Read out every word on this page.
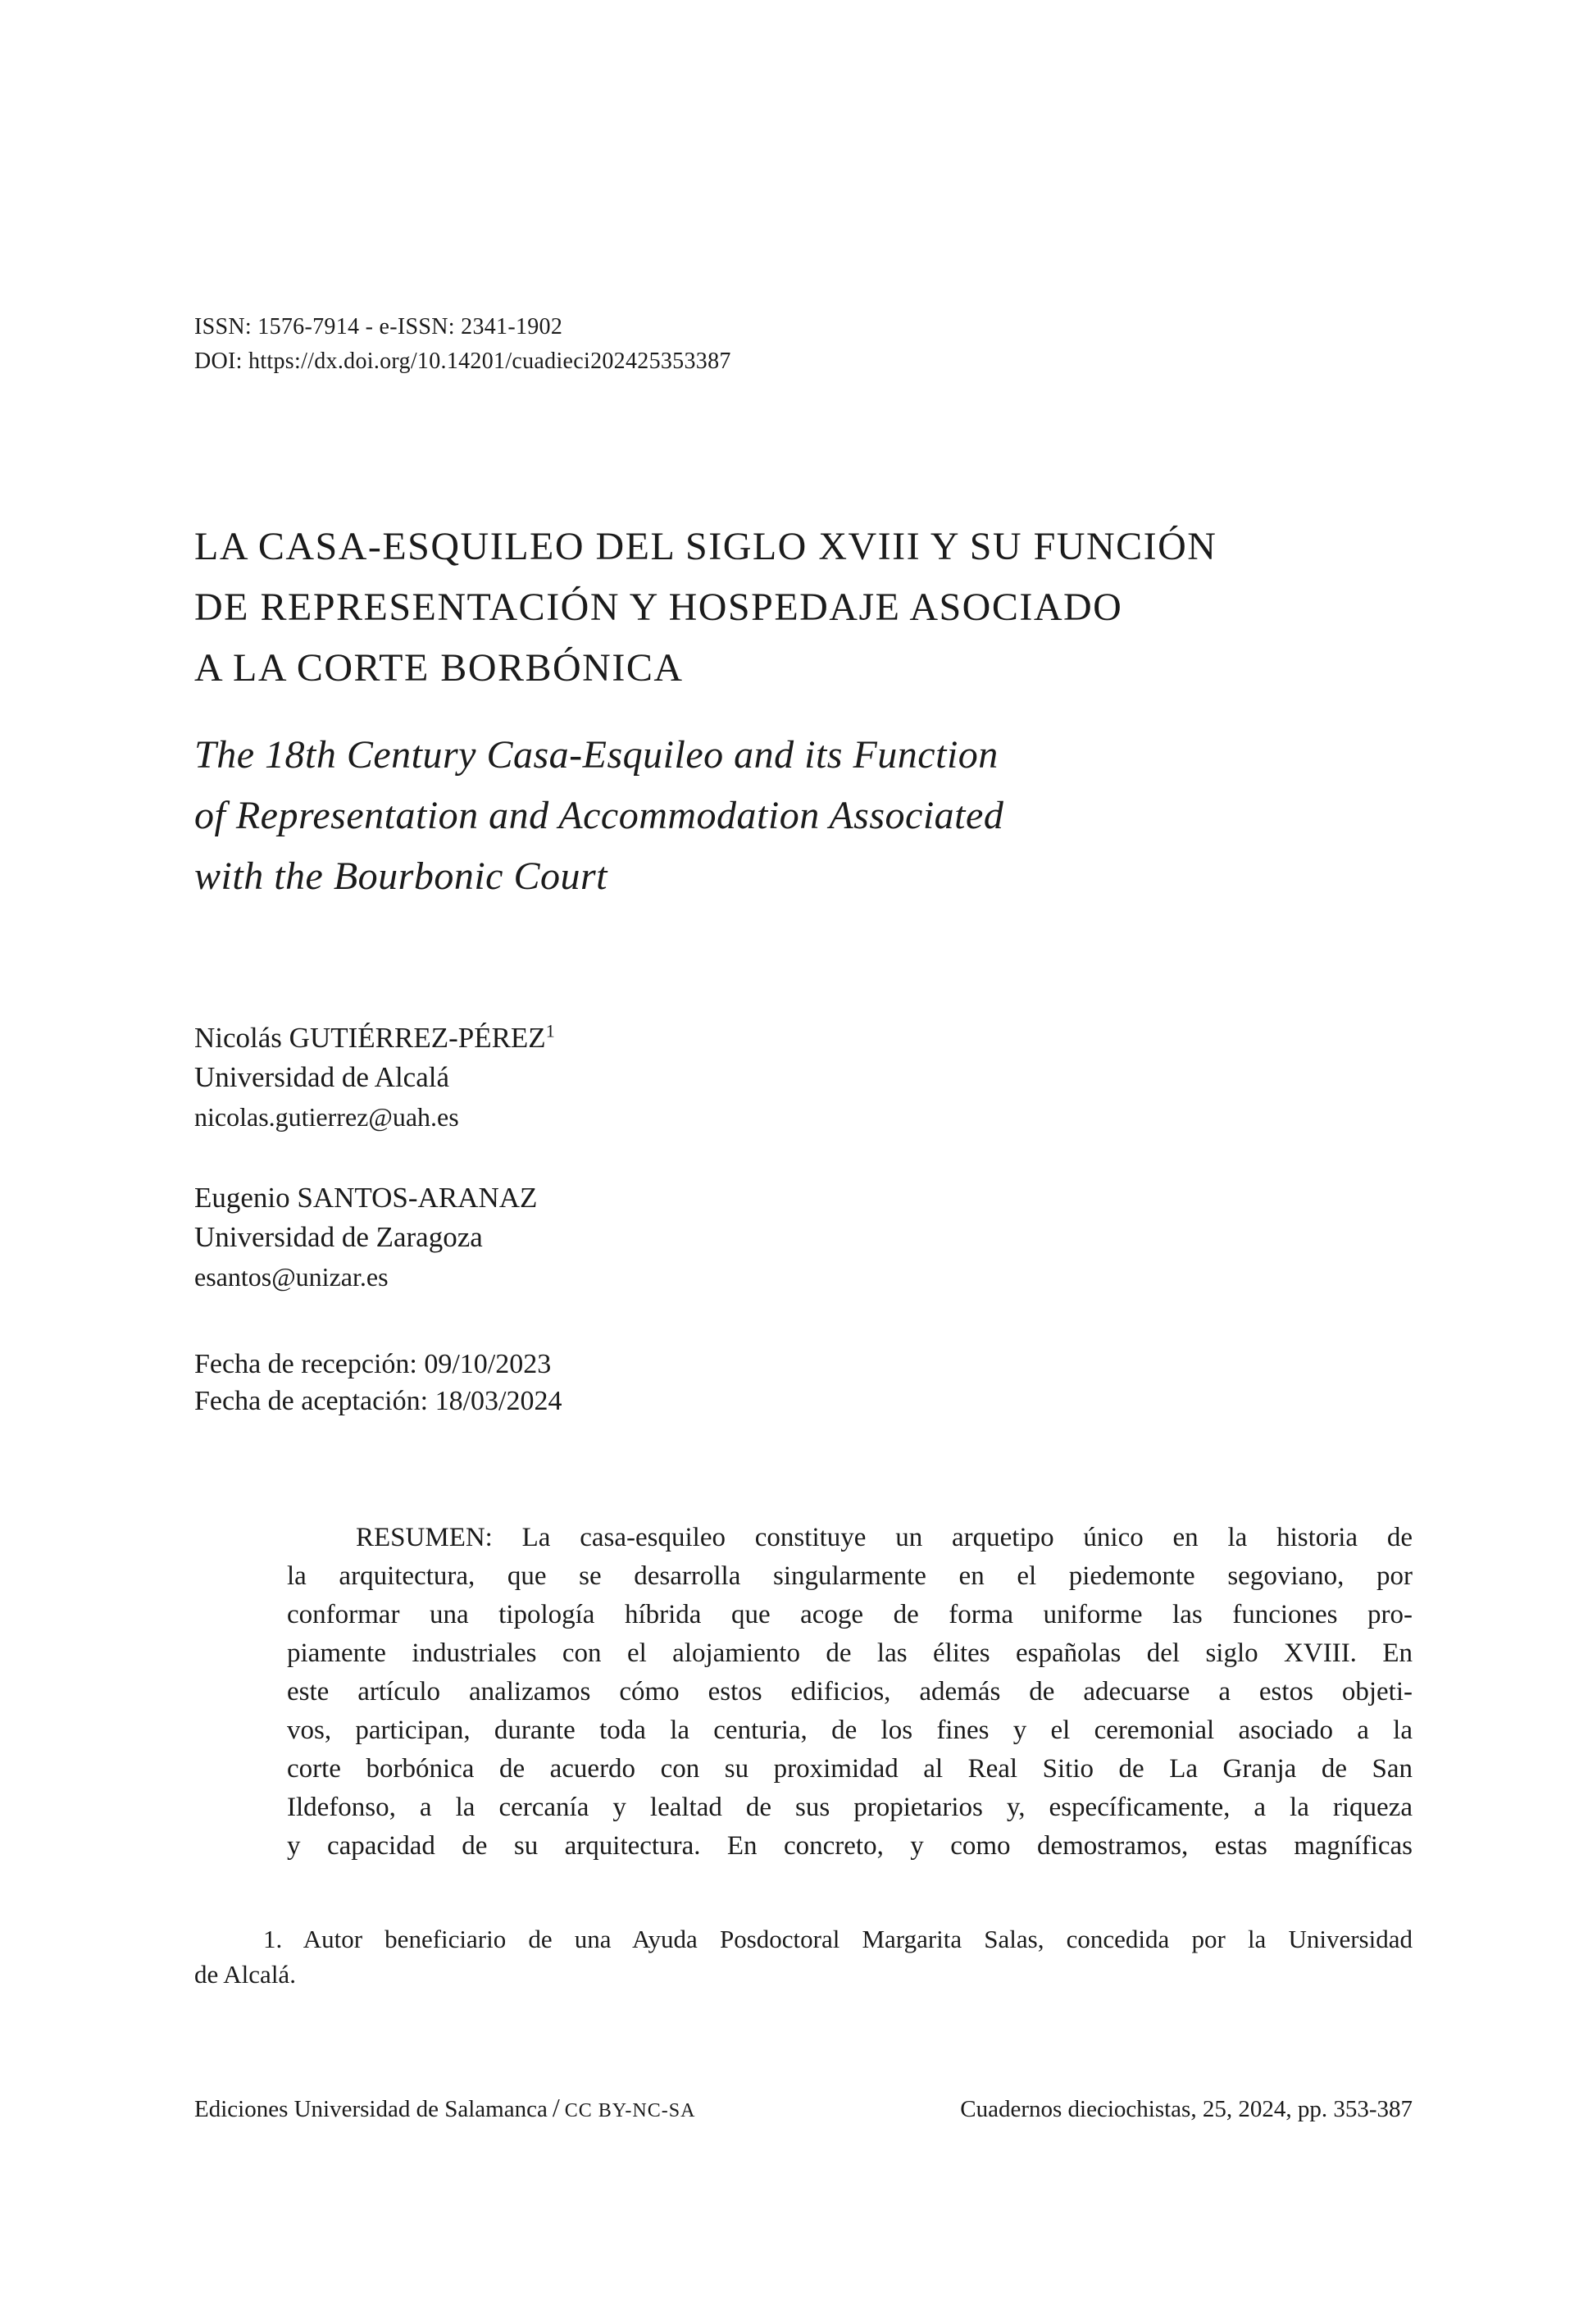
ISSN: 1576-7914 - e-ISSN: 2341-1902
DOI: https://dx.doi.org/10.14201/cuadieci202425353387
LA CASA-ESQUILEO DEL SIGLO XVIII Y SU FUNCIÓN
DE REPRESENTACIÓN Y HOSPEDAJE ASOCIADO
A LA CORTE BORBÓNICA
The 18th Century Casa-Esquileo and its Function
of Representation and Accommodation Associated
with the Bourbonic Court
Nicolás GUTIÉRREZ-PÉREZ$^1$
Universidad de Alcalá
nicolas.gutierrez@uah.es
Eugenio SANTOS-ARANAZ
Universidad de Zaragoza
esantos@unizar.es
Fecha de recepción: 09/10/2023
Fecha de aceptación: 18/03/2024
RESUMEN: La casa-esquileo constituye un arquetipo único en la historia de
la arquitectura, que se desarrolla singularmente en el piedemonte segoviano, por
conformar una tipología híbrida que acoge de forma uniforme las funciones pro-
piamente industriales con el alojamiento de las élites españolas del siglo XVIII. En
este artículo analizamos cómo estos edificios, además de adecuarse a estos objeti-
vos, participan, durante toda la centuria, de los fines y el ceremonial asociado a la
corte borbónica de acuerdo con su proximidad al Real Sitio de La Granja de San
Ildefonso, a la cercanía y lealtad de sus propietarios y, específicamente, a la riqueza
y capacidad de su arquitectura. En concreto, y como demostramos, estas magníficas
1. Autor beneficiario de una Ayuda Posdoctoral Margarita Salas, concedida por la Universidad
de Alcalá.
Ediciones Universidad de Salamanca / CC BY-NC-SA	Cuadernos dieciochistas, 25, 2024, pp. 353-387
